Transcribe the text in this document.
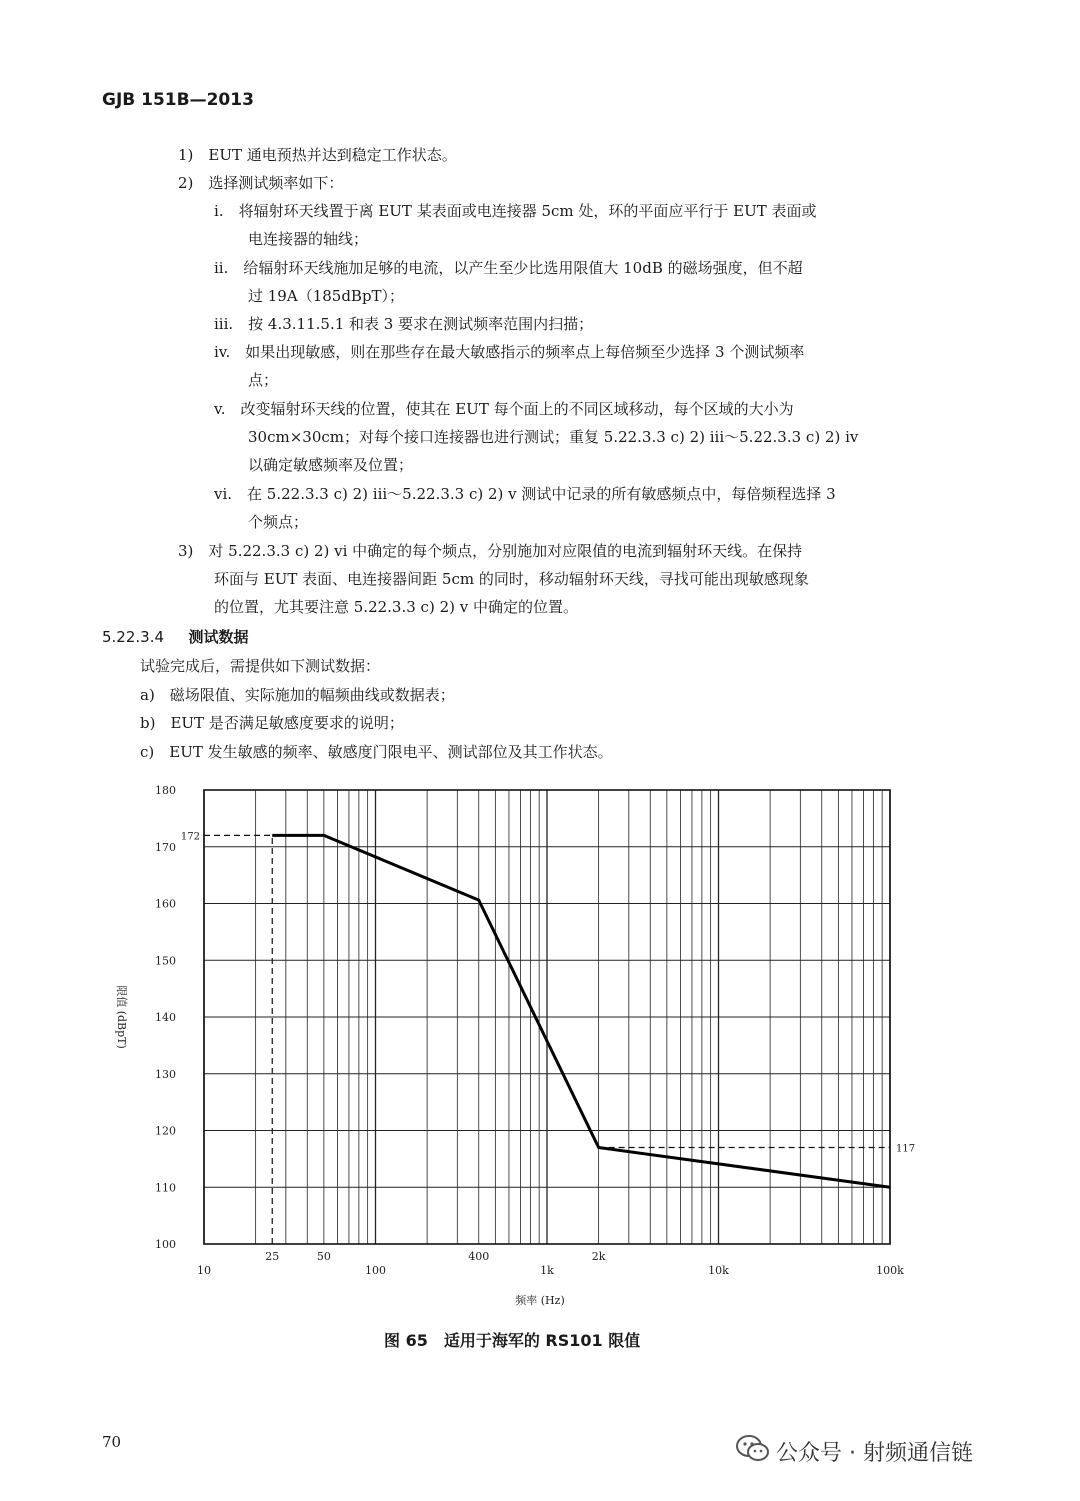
GJB 151B—2013
1)　EUT 通电预热并达到稳定工作状态。
2)　选择测试频率如下：
i.　将辐射环天线置于离 EUT 某表面或电连接器 5cm 处，环的平面应平行于 EUT 表面或
电连接器的轴线；
ii.　给辐射环天线施加足够的电流，以产生至少比选用限值大 10dB 的磁场强度，但不超
过 19A（185dBpT）；
iii.　按 4.3.11.5.1 和表 3 要求在测试频率范围内扫描；
iv.　如果出现敏感，则在那些存在最大敏感指示的频率点上每倍频至少选择 3 个测试频率
点；
v.　改变辐射环天线的位置，使其在 EUT 每个面上的不同区域移动，每个区域的大小为
30cm×30cm；对每个接口连接器也进行测试；重复 5.22.3.3 c) 2) iii～5.22.3.3 c) 2) iv
以确定敏感频率及位置；
vi.　在 5.22.3.3 c) 2) iii～5.22.3.3 c) 2) v 测试中记录的所有敏感频点中，每倍频程选择 3
个频点；
3)　对 5.22.3.3 c) 2) vi 中确定的每个频点，分别施加对应限值的电流到辐射环天线。在保持
环面与 EUT 表面、电连接器间距 5cm 的同时，移动辐射环天线，寻找可能出现敏感现象
的位置，尤其要注意 5.22.3.3 c) 2) v 中确定的位置。
试验完成后，需提供如下测试数据：
a)　磁场限值、实际施加的幅频曲线或数据表；
b)　EUT 是否满足敏感度要求的说明；
c)　EUT 发生敏感的频率、敏感度门限电平、测试部位及其工作状态。
5.22.3.4 测试数据
100
110
120
130
140
150
160
170
180
10
25	50
100
400
1k
2k
10k	100k
172
117
频率 (Hz)
限值 (dBpT)
图 65　适用于海军的 RS101 限值
70	公众号 · 射频通信链
